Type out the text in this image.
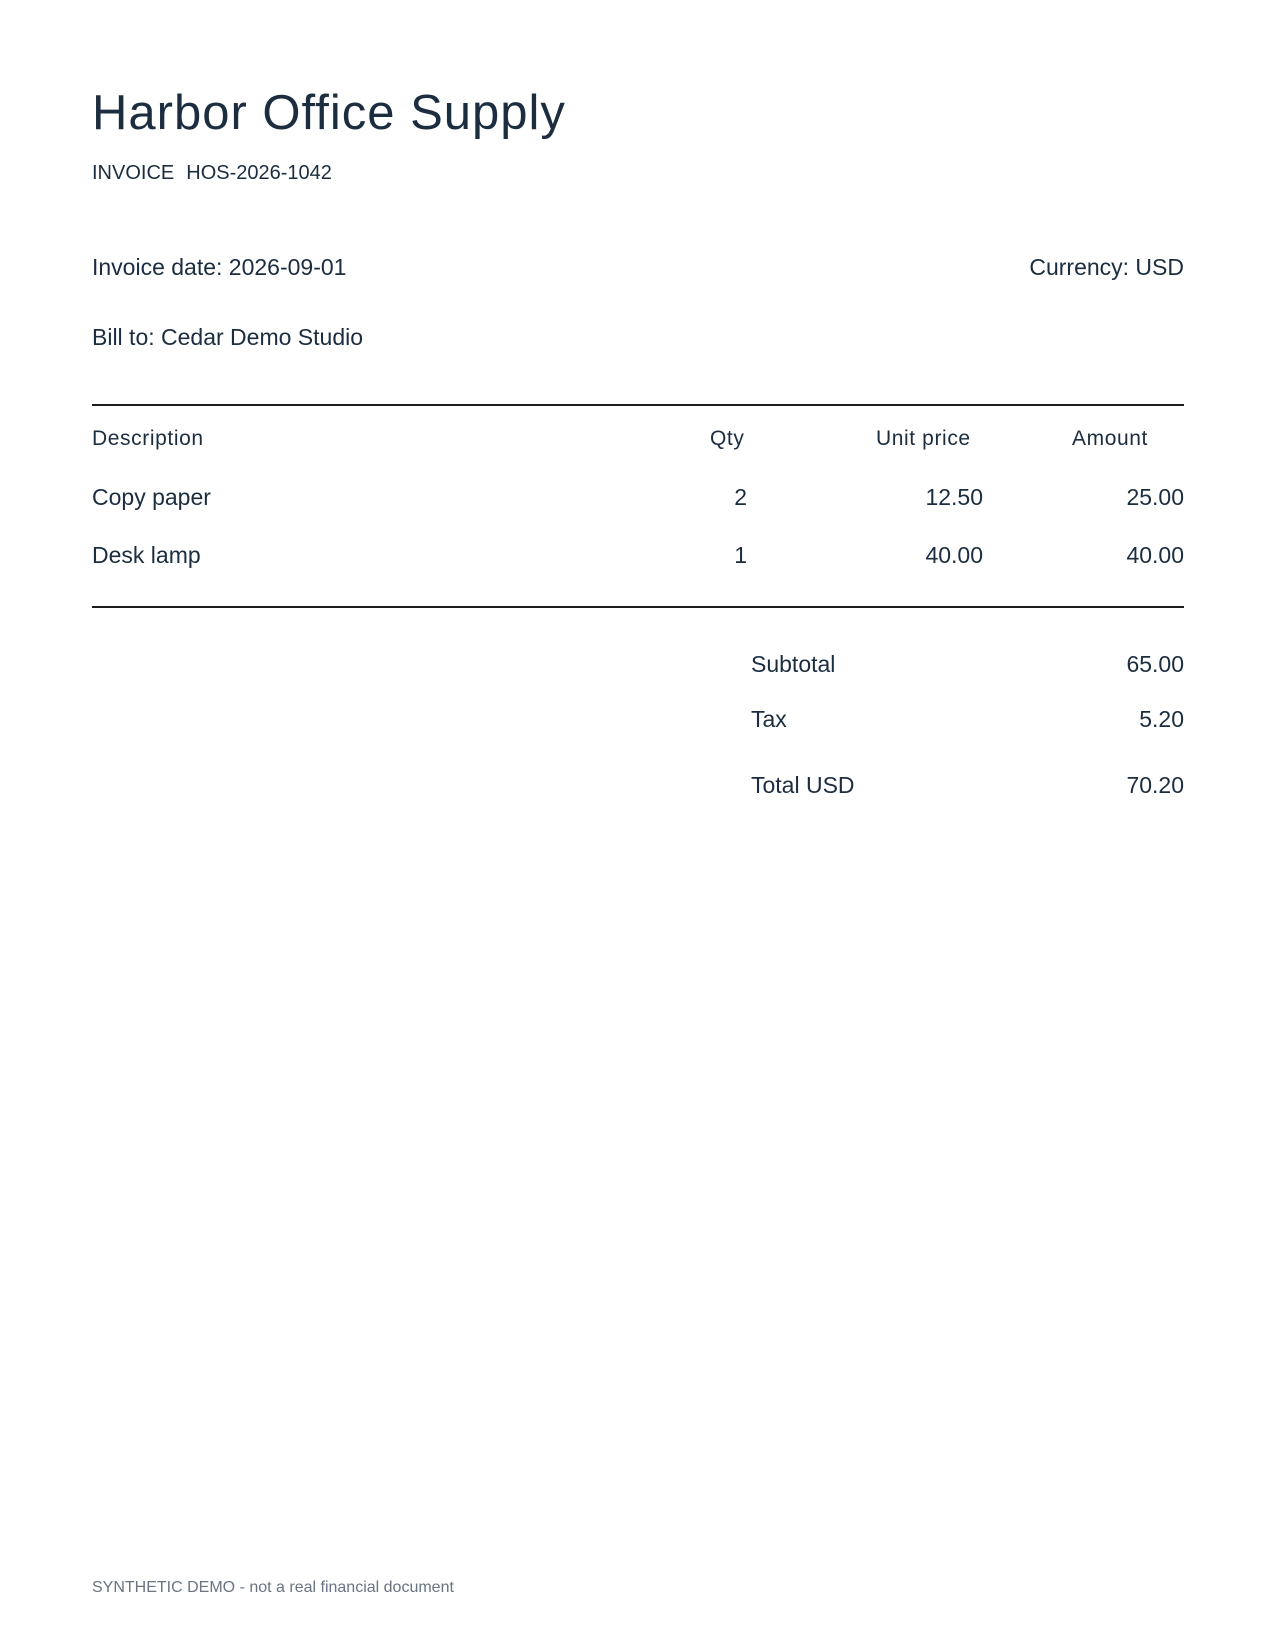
Harbor Office Supply
INVOICE HOS-2026-1042
Invoice date: 2026-09-01	Currency: USD
Bill to: Cedar Demo Studio
Description	Qty	Unit price	Amount
Copy paper	2	12.50	25.00
Desk lamp	1	40.00	40.00
Subtotal	65.00
Tax	5.20
Total USD	70.20
SYNTHETIC DEMO - not a real financial document
